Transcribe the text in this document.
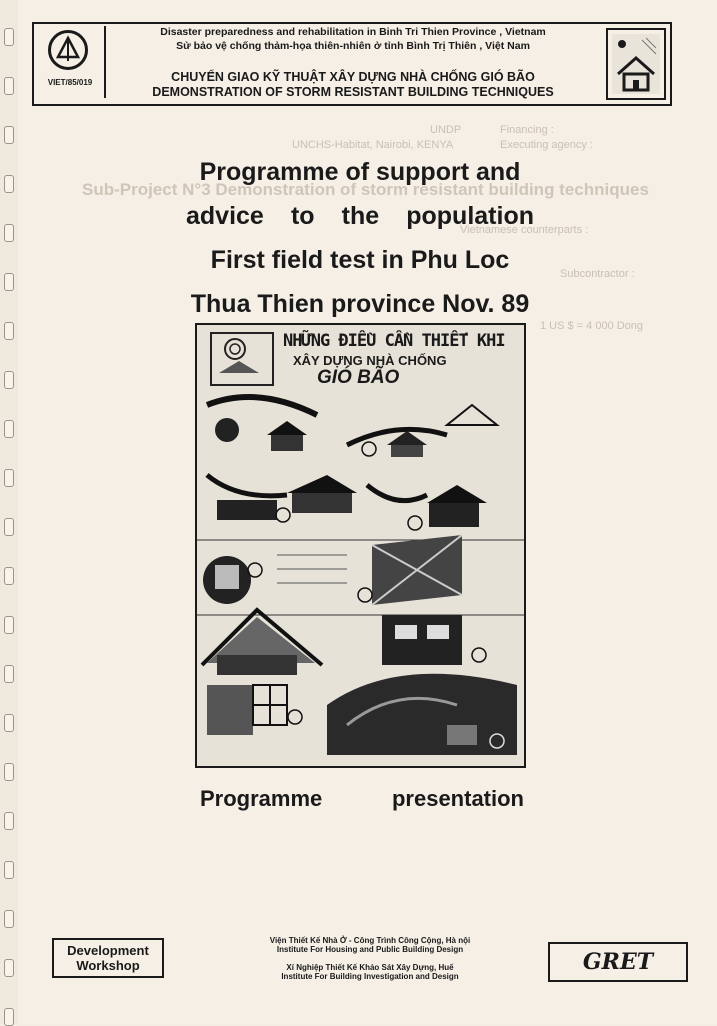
Financing :
UNDP
Executing agency :
UNCHS-Habitat, Nairobi, KENYA
Sub-Project N°3 Demonstration of storm resistant building techniques
Vietnamese counterparts :
Subcontractor :
1 US $ = 4 000 Dong
VIET/85/019
Disaster preparedness and rehabilitation in Binh Tri Thien Province , Vietnam
Sử bảo vệ chống thảm-họa thiên-nhiên ở tỉnh Bình Trị Thiên , Việt Nam
CHUYỂN GIAO KỸ THUẬT XÂY DỰNG NHÀ CHỐNG GIÓ BÃO
DEMONSTRATION OF STORM RESISTANT BUILDING TECHNIQUES
Programme of support and
advice to the population
First field test in Phu Loc
Thua Thien province Nov. 89
NHỮNG ĐIỀU CẦN THIẾT KHI
XÂY DỰNG NHÀ CHỐNG
GIÓ BÃO
Programme	presentation
Development
Workshop
Viện Thiết Kế Nhà Ở - Công Trình Công Cộng, Hà nội
Institute For Housing and Public Building Design
Xí Nghiệp Thiết Kế Khảo Sát Xây Dựng, Huế
Institute For Building Investigation and Design
GRET
